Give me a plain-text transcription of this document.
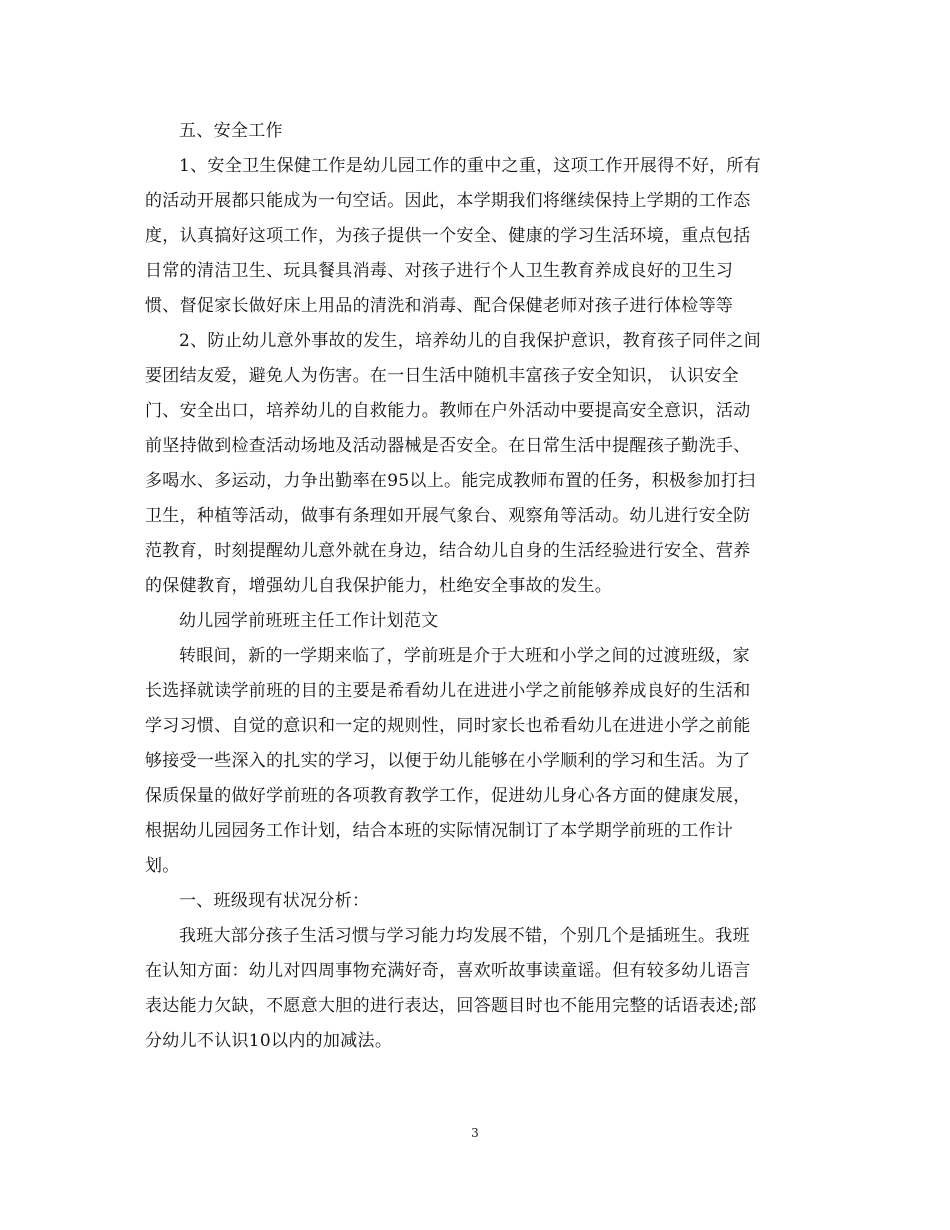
五、安全工作
1、安全卫生保健工作是幼儿园工作的重中之重，这项工作开展得不好，所有
的活动开展都只能成为一句空话。因此，本学期我们将继续保持上学期的工作态
度，认真搞好这项工作，为孩子提供一个安全、健康的学习生活环境，重点包括
日常的清洁卫生、玩具餐具消毒、对孩子进行个人卫生教育养成良好的卫生习
惯、督促家长做好床上用品的清洗和消毒、配合保健老师对孩子进行体检等等
2、防止幼儿意外事故的发生，培养幼儿的自我保护意识，教育孩子同伴之间
要团结友爱，避免人为伤害。在一日生活中随机丰富孩子安全知识， 认识安全
门、安全出口，培养幼儿的自救能力。教师在户外活动中要提高安全意识，活动
前坚持做到检查活动场地及活动器械是否安全。在日常生活中提醒孩子勤洗手、
多喝水、多运动，力争出勤率在95以上。能完成教师布置的任务，积极参加打扫
卫生，种植等活动，做事有条理如开展气象台、观察角等活动。幼儿进行安全防
范教育，时刻提醒幼儿意外就在身边，结合幼儿自身的生活经验进行安全、营养
的保健教育，增强幼儿自我保护能力，杜绝安全事故的发生。
幼儿园学前班班主任工作计划范文
转眼间，新的一学期来临了，学前班是介于大班和小学之间的过渡班级，家
长选择就读学前班的目的主要是希看幼儿在进进小学之前能够养成良好的生活和
学习习惯、自觉的意识和一定的规则性，同时家长也希看幼儿在进进小学之前能
够接受一些深入的扎实的学习，以便于幼儿能够在小学顺利的学习和生活。为了
保质保量的做好学前班的各项教育教学工作，促进幼儿身心各方面的健康发展，
根据幼儿园园务工作计划，结合本班的实际情况制订了本学期学前班的工作计
划。
一、班级现有状况分析：
我班大部分孩子生活习惯与学习能力均发展不错，个别几个是插班生。我班
在认知方面：幼儿对四周事物充满好奇，喜欢听故事读童谣。但有较多幼儿语言
表达能力欠缺，不愿意大胆的进行表达，回答题目时也不能用完整的话语表述;部
分幼儿不认识10以内的加减法。
3
